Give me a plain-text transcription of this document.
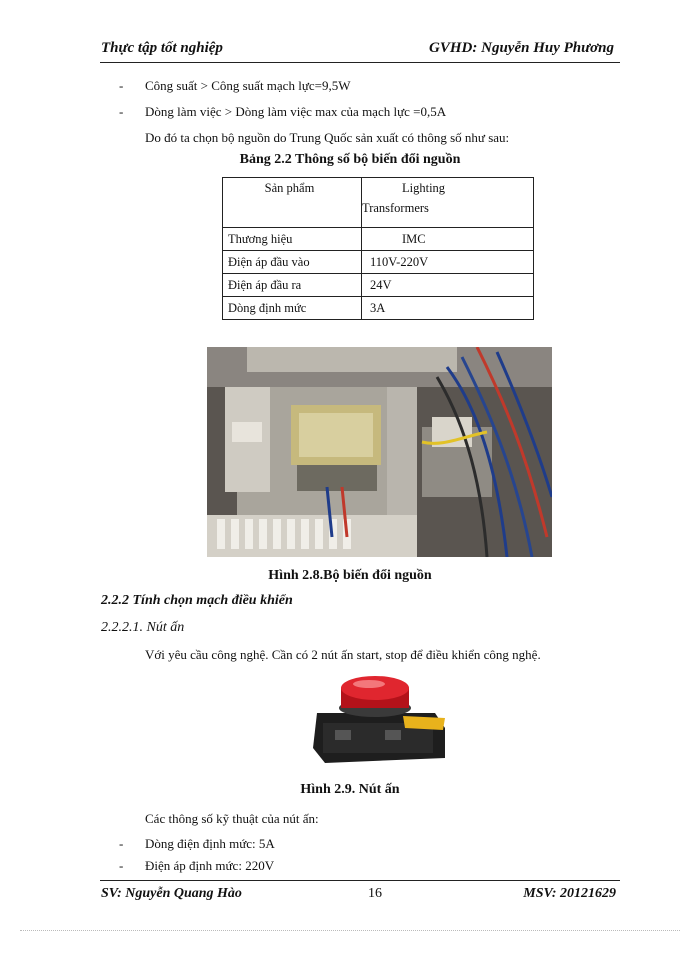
Thực tập tốt nghiệp	GVHD: Nguyễn Huy Phương
- Công suất > Công suất mạch lực=9,5W
- Dòng làm việc > Dòng làm việc max của mạch lực =0,5A
Do đó ta chọn bộ nguồn do Trung Quốc sản xuất có thông số như sau:
Bảng 2.2 Thông số bộ biến đổi nguồn
Sản phẩm	Lighting
Transformers

Thương hiệu	IMC
Điện áp đầu vào	110V-220V
Điện áp đầu ra	24V
Dòng định mức	3A
Hình 2.8.Bộ biến đổi nguồn
2.2.2 Tính chọn mạch điều khiển
2.2.2.1. Nút ấn
Với yêu cầu công nghệ. Cần có 2 nút ấn start, stop để điều khiển công nghệ.
Hình 2.9. Nút ấn
Các thông số kỹ thuật của nút ấn:
- Dòng điện định mức: 5A
- Điện áp định mức: 220V
SV: Nguyễn Quang Hào	16	MSV: 20121629
